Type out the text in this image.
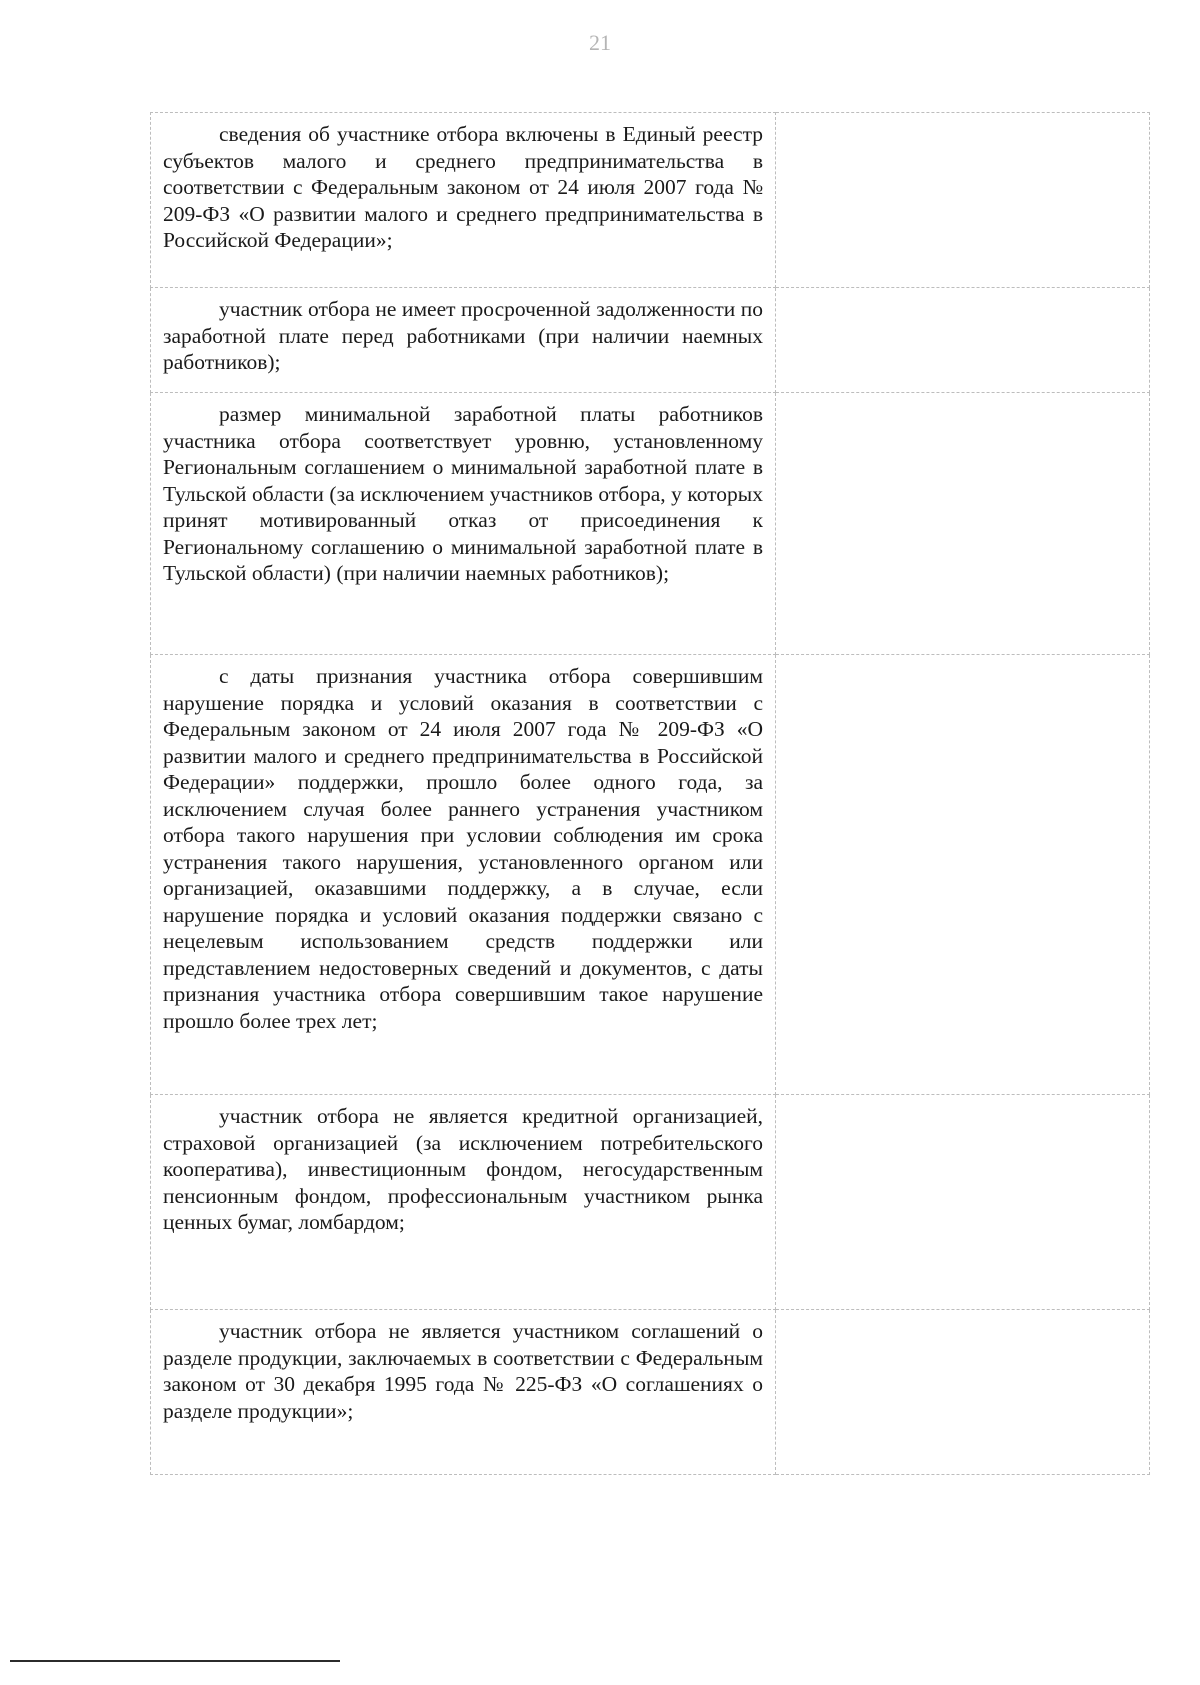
21

сведения об участнике отбора включены в Единый реестр субъектов малого и среднего предпринимательства в соответствии с Федеральным законом от 24 июля 2007 года № 209-ФЗ «О развитии малого и среднего предпринимательства в Российской Федерации»;	

участник отбора не имеет просроченной задолженности по заработной плате перед работниками (при наличии наемных работников);	

размер минимальной заработной платы работников участника отбора соответствует уровню, установленному Региональным соглашением о минимальной заработной плате в Тульской области (за исключением участников отбора, у которых принят мотивированный отказ от присоединения к Региональному соглашению о минимальной заработной плате в Тульской области) (при наличии наемных работников);	

с даты признания участника отбора совершившим нарушение порядка и условий оказания в соответствии с Федеральным законом от 24 июля 2007 года № 209-ФЗ «О развитии малого и среднего предпринимательства в Российской Федерации» поддержки, прошло более одного года, за исключением случая более раннего устранения участником отбора такого нарушения при условии соблюдения им срока устранения такого нарушения, установленного органом или организацией, оказавшими поддержку, а в случае, если нарушение порядка и условий оказания поддержки связано с нецелевым использованием средств поддержки или представлением недостоверных сведений и документов, с даты признания участника отбора совершившим такое нарушение прошло более трех лет;	

участник отбора не является кредитной организацией, страховой организацией (за исключением потребительского кооператива), инвестиционным фондом, негосударственным пенсионным фондом, профессиональным участником рынка ценных бумаг, ломбардом;	

участник отбора не является участником соглашений о разделе продукции, заключаемых в соответствии с Федеральным законом от 30 декабря 1995 года № 225-ФЗ «О соглашениях о разделе продукции»;	
